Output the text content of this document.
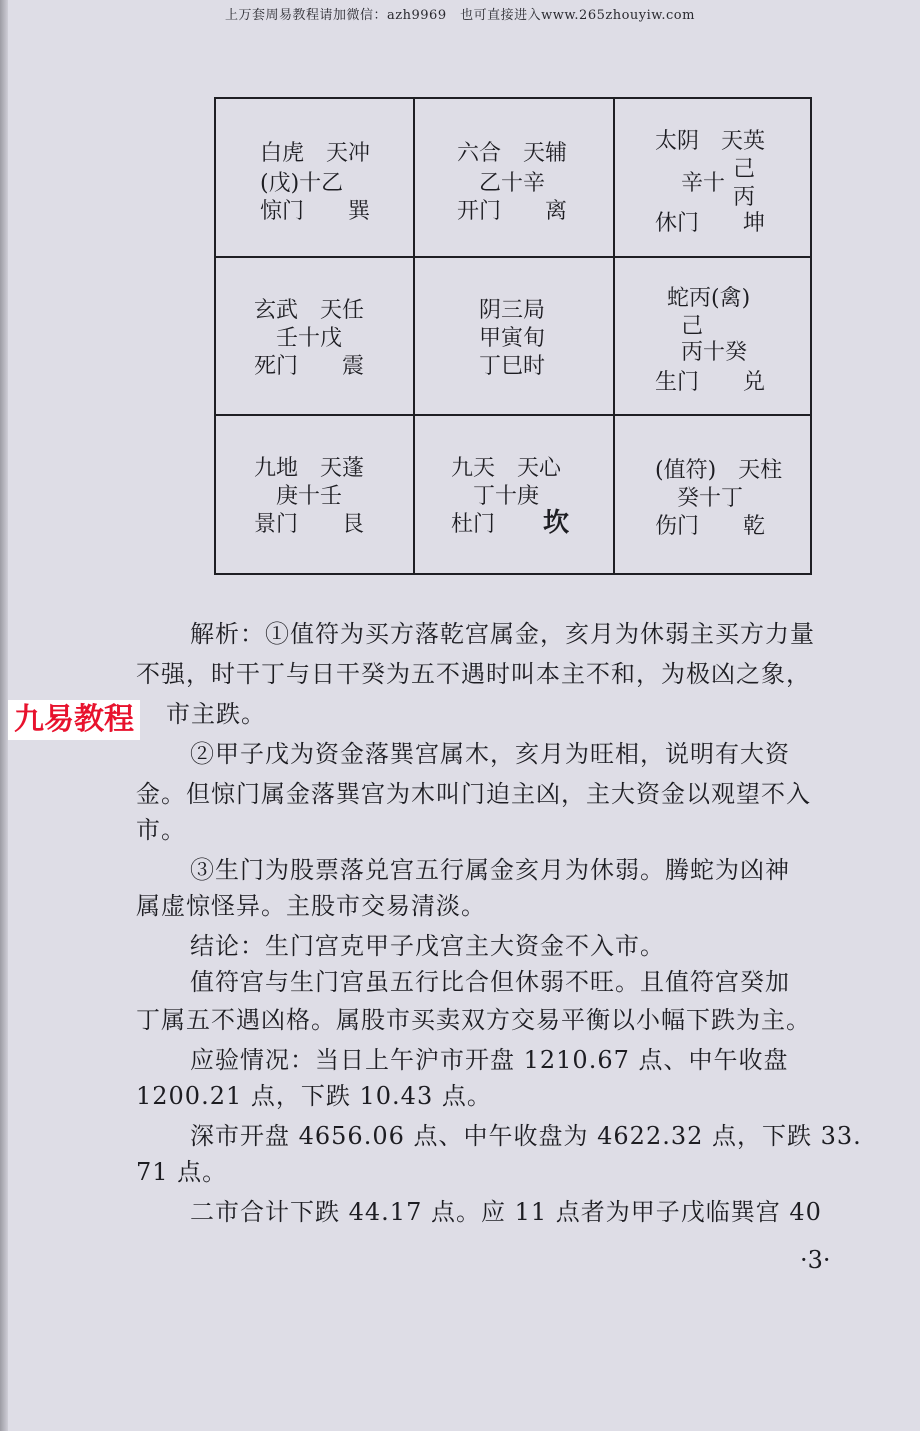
上万套周易教程请加微信：azh9969　也可直接进入www.265zhouyiw.com
白虎　天冲
(戊)十乙
惊门　　巽
六合　天辅
乙十辛
开门　　离
太阴　天英
己
辛十
丙
休门　　坤
玄武　天任
壬十戊
死门　　震
阴三局
甲寅旬
丁巳时
蛇丙(禽)
己
丙十癸
生门　　兑
九地　天蓬
庚十壬
景门　　艮
九天　天心
丁十庚
杜门 坎
(值符)　天柱
癸十丁
伤门　　乾
解析：①值符为买方落乾宫属金，亥月为休弱主买方力量
不强，时干丁与日干癸为五不遇时叫本主不和，为极凶之象，
市主跌。
②甲子戊为资金落巽宫属木，亥月为旺相，说明有大资
金。但惊门属金落巽宫为木叫门迫主凶，主大资金以观望不入
市。
③生门为股票落兑宫五行属金亥月为休弱。腾蛇为凶神
属虚惊怪异。主股市交易清淡。
结论：生门宫克甲子戊宫主大资金不入市。
值符宫与生门宫虽五行比合但休弱不旺。且值符宫癸加
丁属五不遇凶格。属股市买卖双方交易平衡以小幅下跌为主。
应验情况：当日上午沪市开盘 1210.67 点、中午收盘
1200.21 点，下跌 10.43 点。
深市开盘 4656.06 点、中午收盘为 4622.32 点，下跌 33.
71 点。
二市合计下跌 44.17 点。应 11 点者为甲子戊临巽宫 40
九易教程
·3·
